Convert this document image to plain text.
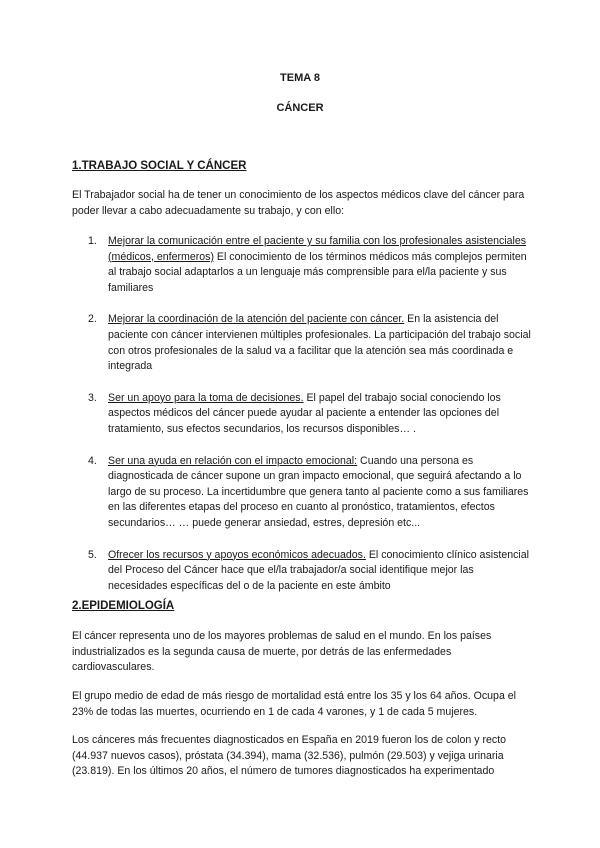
TEMA 8
CÁNCER
1.TRABAJO SOCIAL Y CÁNCER
El Trabajador social ha de tener un conocimiento de los aspectos médicos clave del cáncer para poder llevar a cabo adecuadamente su trabajo, y con ello:
1. Mejorar la comunicación entre el paciente y su familia con los profesionales asistenciales (médicos, enfermeros) El conocimiento de los términos médicos más complejos permiten al trabajo social adaptarlos a un lenguaje más comprensible para el/la paciente y sus familiares
2. Mejorar la coordinación de la atención del paciente con cáncer. En la asistencia del paciente con cáncer intervienen múltiples profesionales. La participación del trabajo social con otros profesionales de la salud va a facilitar que la atención sea más coordinada e integrada
3. Ser un apoyo para la toma de decisiones. El papel del trabajo social conociendo los aspectos médicos del cáncer puede ayudar al paciente a entender las opciones del tratamiento, sus efectos secundarios, los recursos disponibles… .
4. Ser una ayuda en relación con el impacto emocional: Cuando una persona es diagnosticada de cáncer supone un gran impacto emocional, que seguirá afectando a lo largo de su proceso. La incertidumbre que genera tanto al paciente como a sus familiares en las diferentes etapas del proceso en cuanto al pronóstico, tratamientos, efectos secundarios… … puede generar ansiedad, estres, depresión etc...
5. Ofrecer los recursos y apoyos económicos adecuados. El conocimiento clínico asistencial del Proceso del Cáncer hace que el/la trabajador/a social identifique mejor las necesidades específicas del o de la paciente en este ámbito
2.EPIDEMIOLOGÍA
El cáncer representa uno de los mayores problemas de salud en el mundo. En los países industrializados es la segunda causa de muerte, por detrás de las enfermedades cardiovasculares.
El grupo medio de edad de más riesgo de mortalidad está entre los 35 y los 64 años. Ocupa el 23% de todas las muertes, ocurriendo en 1 de cada 4 varones, y 1 de cada 5 mujeres.
Los cánceres más frecuentes diagnosticados en España en 2019 fueron los de colon y recto (44.937 nuevos casos), próstata (34.394), mama (32.536), pulmón (29.503) y vejiga urinaria (23.819). En los últimos 20 años, el número de tumores diagnosticados ha experimentado
